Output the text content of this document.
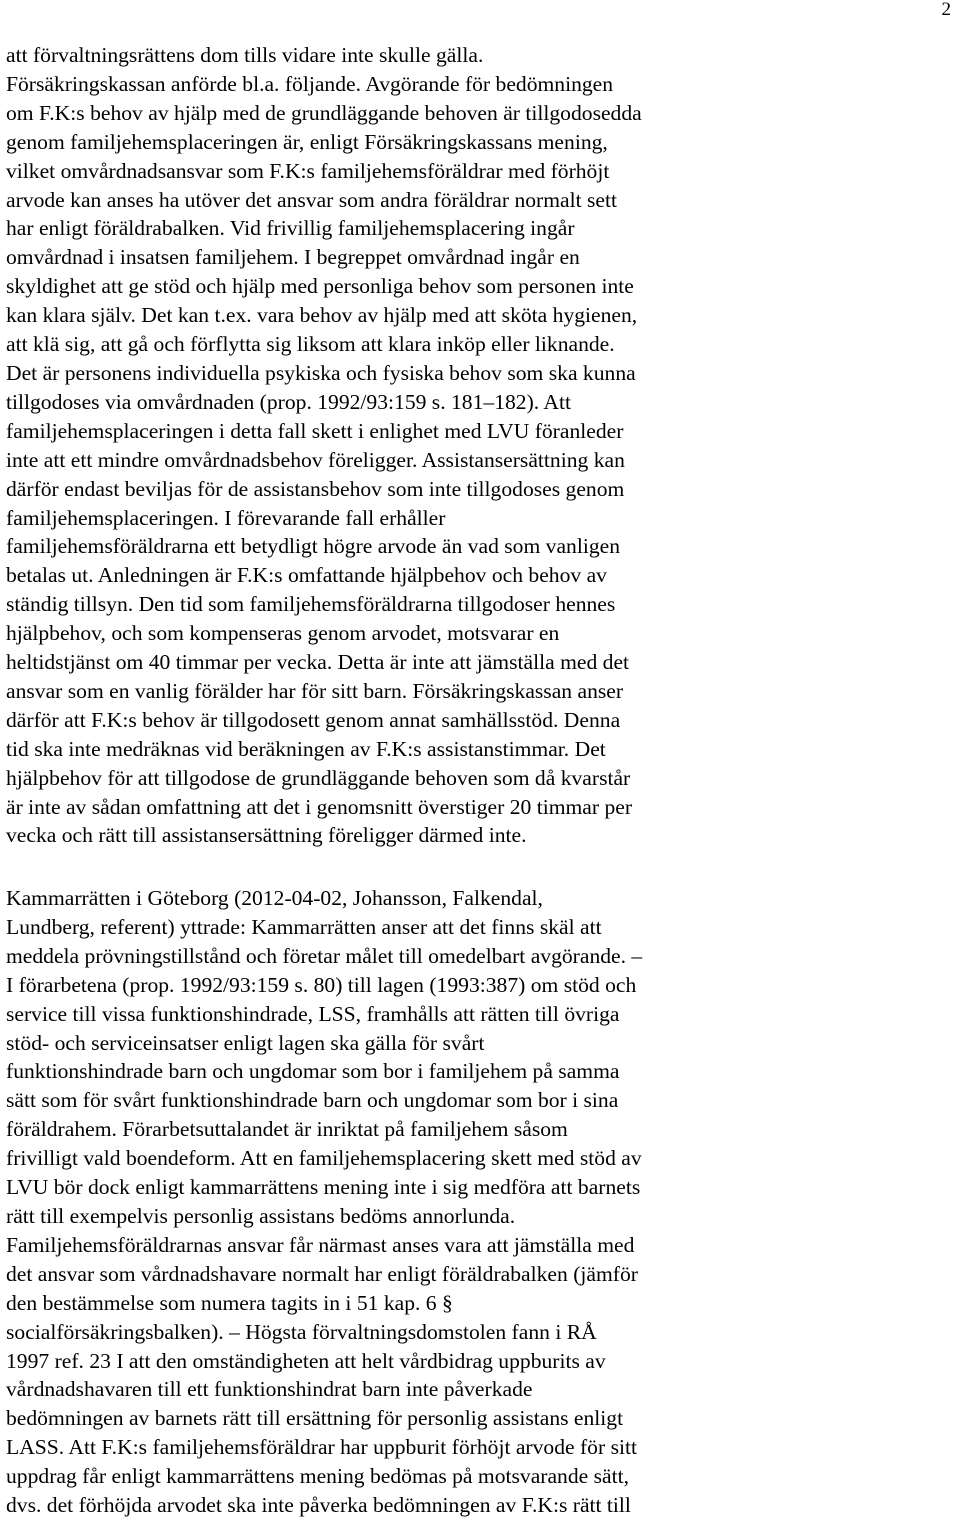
2
att förvaltningsrättens dom tills vidare inte skulle gälla.
Försäkringskassan anförde bl.a. följande. Avgörande för bedömningen
om F.K:s behov av hjälp med de grundläggande behoven är tillgodosedda
genom familjehemsplaceringen är, enligt Försäkringskassans mening,
vilket omvårdnadsansvar som F.K:s familjehemsföräldrar med förhöjt
arvode kan anses ha utöver det ansvar som andra föräldrar normalt sett
har enligt föräldrabalken. Vid frivillig familjehemsplacering ingår
omvårdnad i insatsen familjehem. I begreppet omvårdnad ingår en
skyldighet att ge stöd och hjälp med personliga behov som personen inte
kan klara själv. Det kan t.ex. vara behov av hjälp med att sköta hygienen,
att klä sig, att gå och förflytta sig liksom att klara inköp eller liknande.
Det är personens individuella psykiska och fysiska behov som ska kunna
tillgodoses via omvårdnaden (prop. 1992/93:159 s. 181–182). Att
familjehemsplaceringen i detta fall skett i enlighet med LVU föranleder
inte att ett mindre omvårdnadsbehov föreligger. Assistansersättning kan
därför endast beviljas för de assistansbehov som inte tillgodoses genom
familjehemsplaceringen. I förevarande fall erhåller
familjehemsföräldrarna ett betydligt högre arvode än vad som vanligen
betalas ut. Anledningen är F.K:s omfattande hjälpbehov och behov av
ständig tillsyn. Den tid som familjehemsföräldrarna tillgodoser hennes
hjälpbehov, och som kompenseras genom arvodet, motsvarar en
heltidstjänst om 40 timmar per vecka. Detta är inte att jämställa med det
ansvar som en vanlig förälder har för sitt barn. Försäkringskassan anser
därför att F.K:s behov är tillgodosett genom annat samhällsstöd. Denna
tid ska inte medräknas vid beräkningen av F.K:s assistanstimmar. Det
hjälpbehov för att tillgodose de grundläggande behoven som då kvarstår
är inte av sådan omfattning att det i genomsnitt överstiger 20 timmar per
vecka och rätt till assistansersättning föreligger därmed inte.
Kammarrätten i Göteborg (2012-04-02, Johansson, Falkendal,
Lundberg, referent) yttrade: Kammarrätten anser att det finns skäl att
meddela prövningstillstånd och företar målet till omedelbart avgörande. –
I förarbetena (prop. 1992/93:159 s. 80) till lagen (1993:387) om stöd och
service till vissa funktionshindrade, LSS, framhålls att rätten till övriga
stöd- och serviceinsatser enligt lagen ska gälla för svårt
funktionshindrade barn och ungdomar som bor i familjehem på samma
sätt som för svårt funktionshindrade barn och ungdomar som bor i sina
föräldrahem. Förarbetsuttalandet är inriktat på familjehem såsom
frivilligt vald boendeform. Att en familjehemsplacering skett med stöd av
LVU bör dock enligt kammarrättens mening inte i sig medföra att barnets
rätt till exempelvis personlig assistans bedöms annorlunda.
Familjehemsföräldrarnas ansvar får närmast anses vara att jämställa med
det ansvar som vårdnadshavare normalt har enligt föräldrabalken (jämför
den bestämmelse som numera tagits in i 51 kap. 6 §
socialförsäkringsbalken). – Högsta förvaltningsdomstolen fann i RÅ
1997 ref. 23 I att den omständigheten att helt vårdbidrag uppburits av
vårdnadshavaren till ett funktionshindrat barn inte påverkade
bedömningen av barnets rätt till ersättning för personlig assistans enligt
LASS. Att F.K:s familjehemsföräldrar har uppburit förhöjt arvode för sitt
uppdrag får enligt kammarrättens mening bedömas på motsvarande sätt,
dvs. det förhöjda arvodet ska inte påverka bedömningen av F.K:s rätt till
